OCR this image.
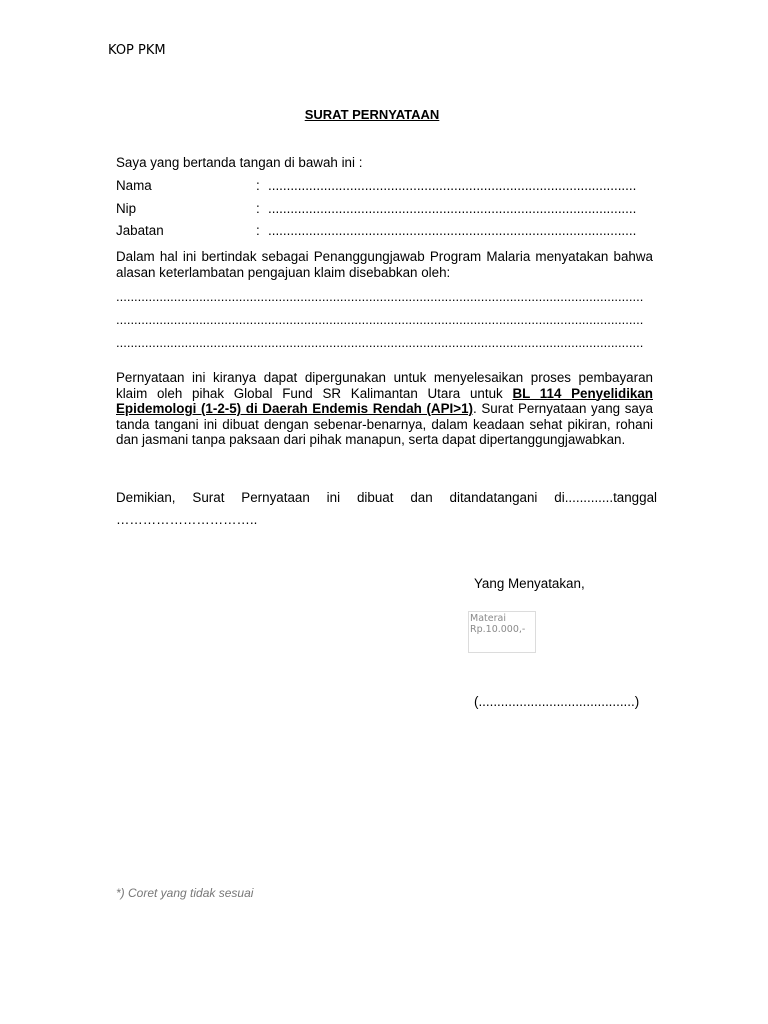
KOP PKM
SURAT PERNYATAAN
Saya yang bertanda tangan di bawah ini :
Nama	: ...................................................................................................
Nip	: ...................................................................................................
Jabatan	: ...................................................................................................
Dalam hal ini bertindak sebagai Penanggungjawab Program Malaria menyatakan bahwa alasan keterlambatan pengajuan klaim disebabkan oleh:
..................................................................................................................................................
..................................................................................................................................................
..................................................................................................................................................
Pernyataan ini kiranya dapat dipergunakan untuk menyelesaikan proses pembayaran klaim oleh pihak Global Fund SR Kalimantan Utara untuk BL 114 Penyelidikan Epidemologi (1-2-5) di Daerah Endemis Rendah (API>1). Surat Pernyataan yang saya tanda tangani ini dibuat dengan sebenar-benarnya, dalam keadaan sehat pikiran, rohani dan jasmani tanpa paksaan dari pihak manapun, serta dapat dipertanggungjawabkan.
Demikian, Surat Pernyataan ini dibuat dan ditandatangani di.............tanggal …………………………..
Yang Menyatakan,
Materai
Rp.10.000,-
(..........................................)
*) Coret yang tidak sesuai
